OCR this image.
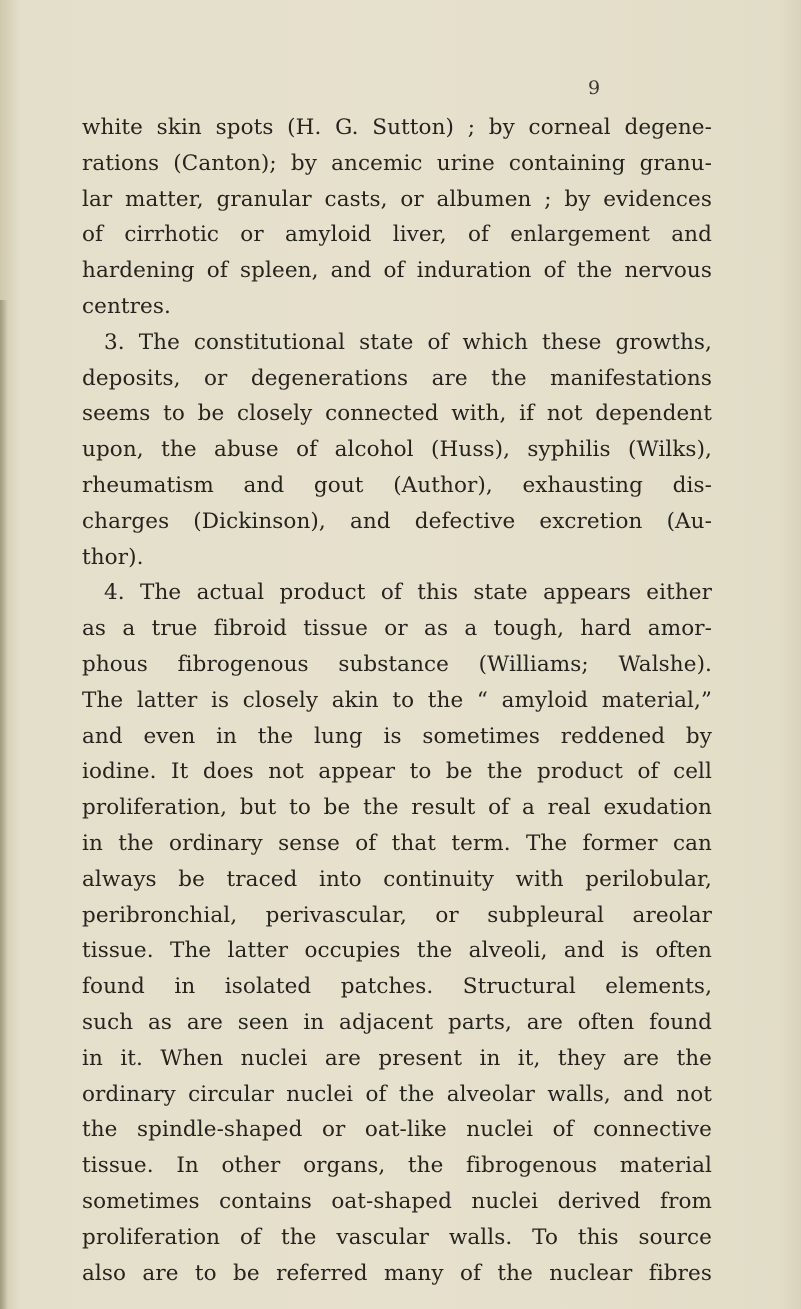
9
white skin spots (H. G. Sutton) ; by corneal degene-
rations (Canton); by ancemic urine containing granu-
lar matter, granular casts, or albumen ; by evidences
of cirrhotic or amyloid liver, of enlargement and
hardening of spleen, and of induration of the nervous
centres.
3. The constitutional state of which these growths,
deposits, or degenerations are the manifestations
seems to be closely connected with, if not dependent
upon, the abuse of alcohol (Huss), syphilis (Wilks),
rheumatism and gout (Author), exhausting dis-
charges (Dickinson), and defective excretion (Au-
thor).
4. The actual product of this state appears either
as a true fibroid tissue or as a tough, hard amor-
phous fibrogenous substance (Williams; Walshe).
The latter is closely akin to the “ amyloid material,”
and even in the lung is sometimes reddened by
iodine. It does not appear to be the product of cell
proliferation, but to be the result of a real exudation
in the ordinary sense of that term. The former can
always be traced into continuity with perilobular,
peribronchial, perivascular, or subpleural areolar
tissue. The latter occupies the alveoli, and is often
found in isolated patches. Structural elements,
such as are seen in adjacent parts, are often found
in it. When nuclei are present in it, they are the
ordinary circular nuclei of the alveolar walls, and not
the spindle-shaped or oat-like nuclei of connective
tissue. In other organs, the fibrogenous material
sometimes contains oat-shaped nuclei derived from
proliferation of the vascular walls. To this source
also are to be referred many of the nuclear fibres
